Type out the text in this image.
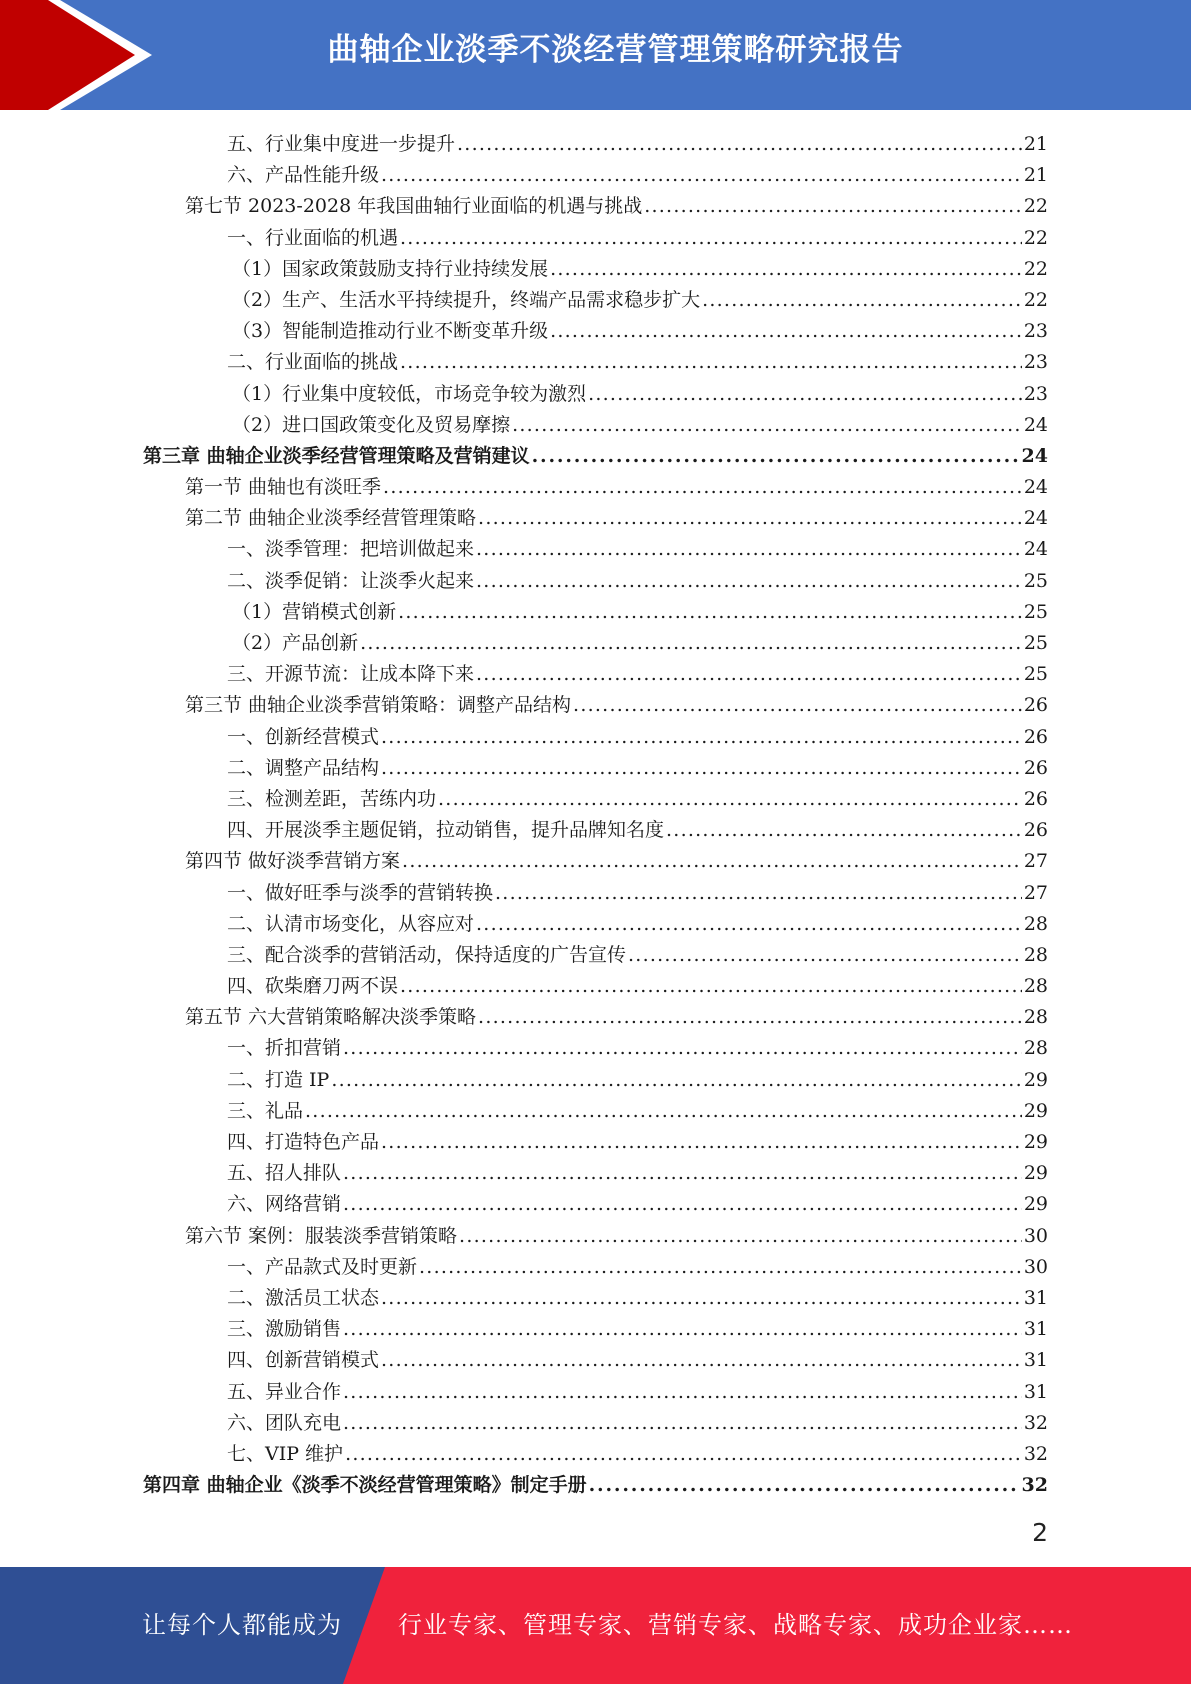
曲轴企业淡季不淡经营管理策略研究报告
五、行业集中度进一步提升 . . .	21
六、产品性能升级 . . .	21
第七节 2023-2028 年我国曲轴行业面临的机遇与挑战 . . .	22
一、行业面临的机遇 . . .	22
（1）国家政策鼓励支持行业持续发展 . . .	22
（2）生产、生活水平持续提升，终端产品需求稳步扩大 . . .	22
（3）智能制造推动行业不断变革升级 . . .	23
二、行业面临的挑战 . . .	23
（1）行业集中度较低，市场竞争较为激烈 . . .	23
（2）进口国政策变化及贸易摩擦 . . .	24
第三章 曲轴企业淡季经营管理策略及营销建议 . . .	24
第一节 曲轴也有淡旺季 . . .	24
第二节 曲轴企业淡季经营管理策略 . . .	24
一、淡季管理：把培训做起来 . . .	24
二、淡季促销：让淡季火起来 . . .	25
（1）营销模式创新 . . .	25
（2）产品创新 . . .	25
三、开源节流：让成本降下来 . . .	25
第三节 曲轴企业淡季营销策略：调整产品结构 . . .	26
一、创新经营模式 . . .	26
二、调整产品结构 . . .	26
三、检测差距，苦练内功 . . .	26
四、开展淡季主题促销，拉动销售，提升品牌知名度 . . .	26
第四节 做好淡季营销方案 . . .	27
一、做好旺季与淡季的营销转换 . . .	27
二、认清市场变化，从容应对 . . .	28
三、配合淡季的营销活动，保持适度的广告宣传 . . .	28
四、砍柴磨刀两不误 . . .	28
第五节 六大营销策略解决淡季策略 . . .	28
一、折扣营销 . . .	28
二、打造 IP . . .	29
三、礼品 . . .	29
四、打造特色产品 . . .	29
五、招人排队 . . .	29
六、网络营销 . . .	29
第六节 案例：服装淡季营销策略 . . .	30
一、产品款式及时更新 . . .	30
二、激活员工状态 . . .	31
三、激励销售 . . .	31
四、创新营销模式 . . .	31
五、异业合作 . . .	31
六、团队充电 . . .	32
七、VIP 维护 . . .	32
第四章 曲轴企业《淡季不淡经营管理策略》制定手册 . . .	32
2
让每个人都能成为 行业专家、管理专家、营销专家、战略专家、成功企业家……
